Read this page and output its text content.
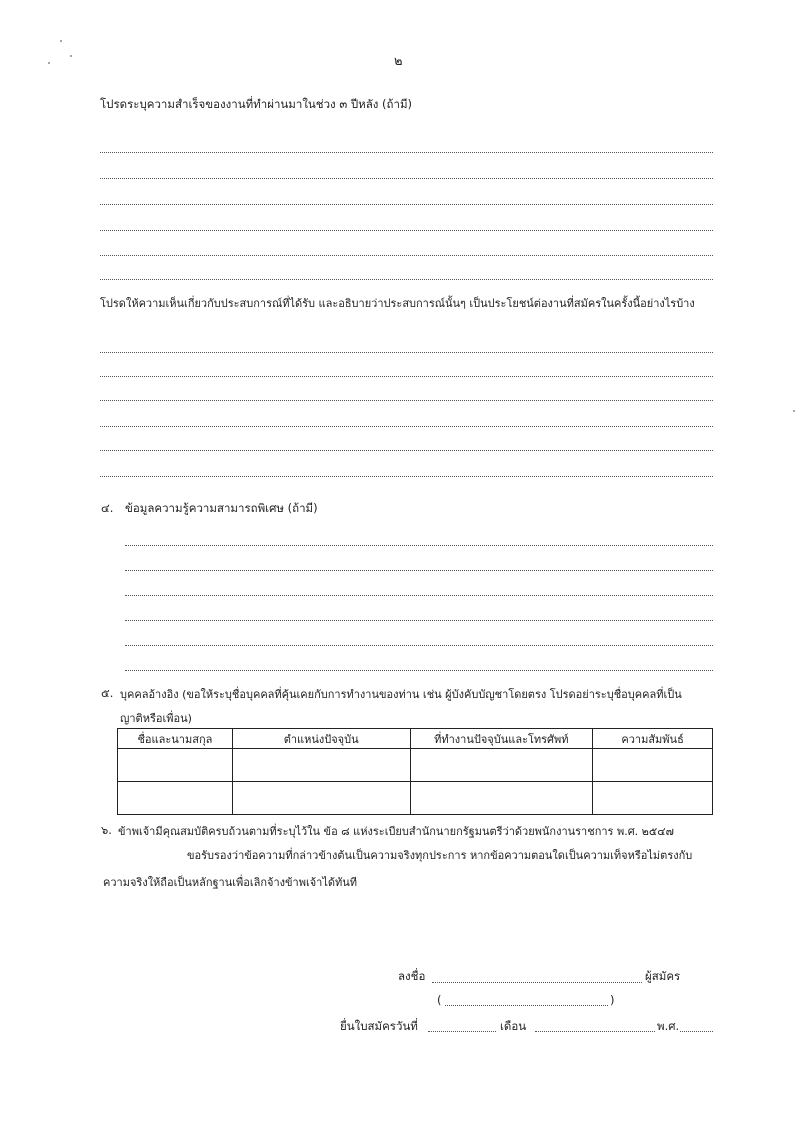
๒
โปรดระบุความสำเร็จของงานที่ทำผ่านมาในช่วง ๓ ปีหลัง (ถ้ามี)
โปรดให้ความเห็นเกี่ยวกับประสบการณ์ที่ได้รับ และอธิบายว่าประสบการณ์นั้นๆ เป็นประโยชน์ต่องานที่สมัครในครั้งนี้อย่างไรบ้าง
๔. ข้อมูลความรู้ความสามารถพิเศษ (ถ้ามี)
๕. บุคคลอ้างอิง (ขอให้ระบุชื่อบุคคลที่คุ้นเคยกับการทำงานของท่าน เช่น ผู้บังคับบัญชาโดยตรง โปรดอย่าระบุชื่อบุคคลที่เป็น
ญาติหรือเพื่อน)
ชื่อและนามสกุล	ตำแหน่งปัจจุบัน	ที่ทำงานปัจจุบันและโทรศัพท์	ความสัมพันธ์

๖. ข้าพเจ้ามีคุณสมบัติครบถ้วนตามที่ระบุไว้ใน ข้อ ๘ แห่งระเบียบสำนักนายกรัฐมนตรีว่าด้วยพนักงานราชการ พ.ศ. ๒๕๔๗
ขอรับรองว่าข้อความที่กล่าวข้างต้นเป็นความจริงทุกประการ หากข้อความตอนใดเป็นความเท็จหรือไม่ตรงกับ
ความจริงให้ถือเป็นหลักฐานเพื่อเลิกจ้างข้าพเจ้าได้ทันที
ลงชื่อ	ผู้สมัคร
(	)
ยื่นใบสมัครวันที่	เดือน	พ.ศ.
